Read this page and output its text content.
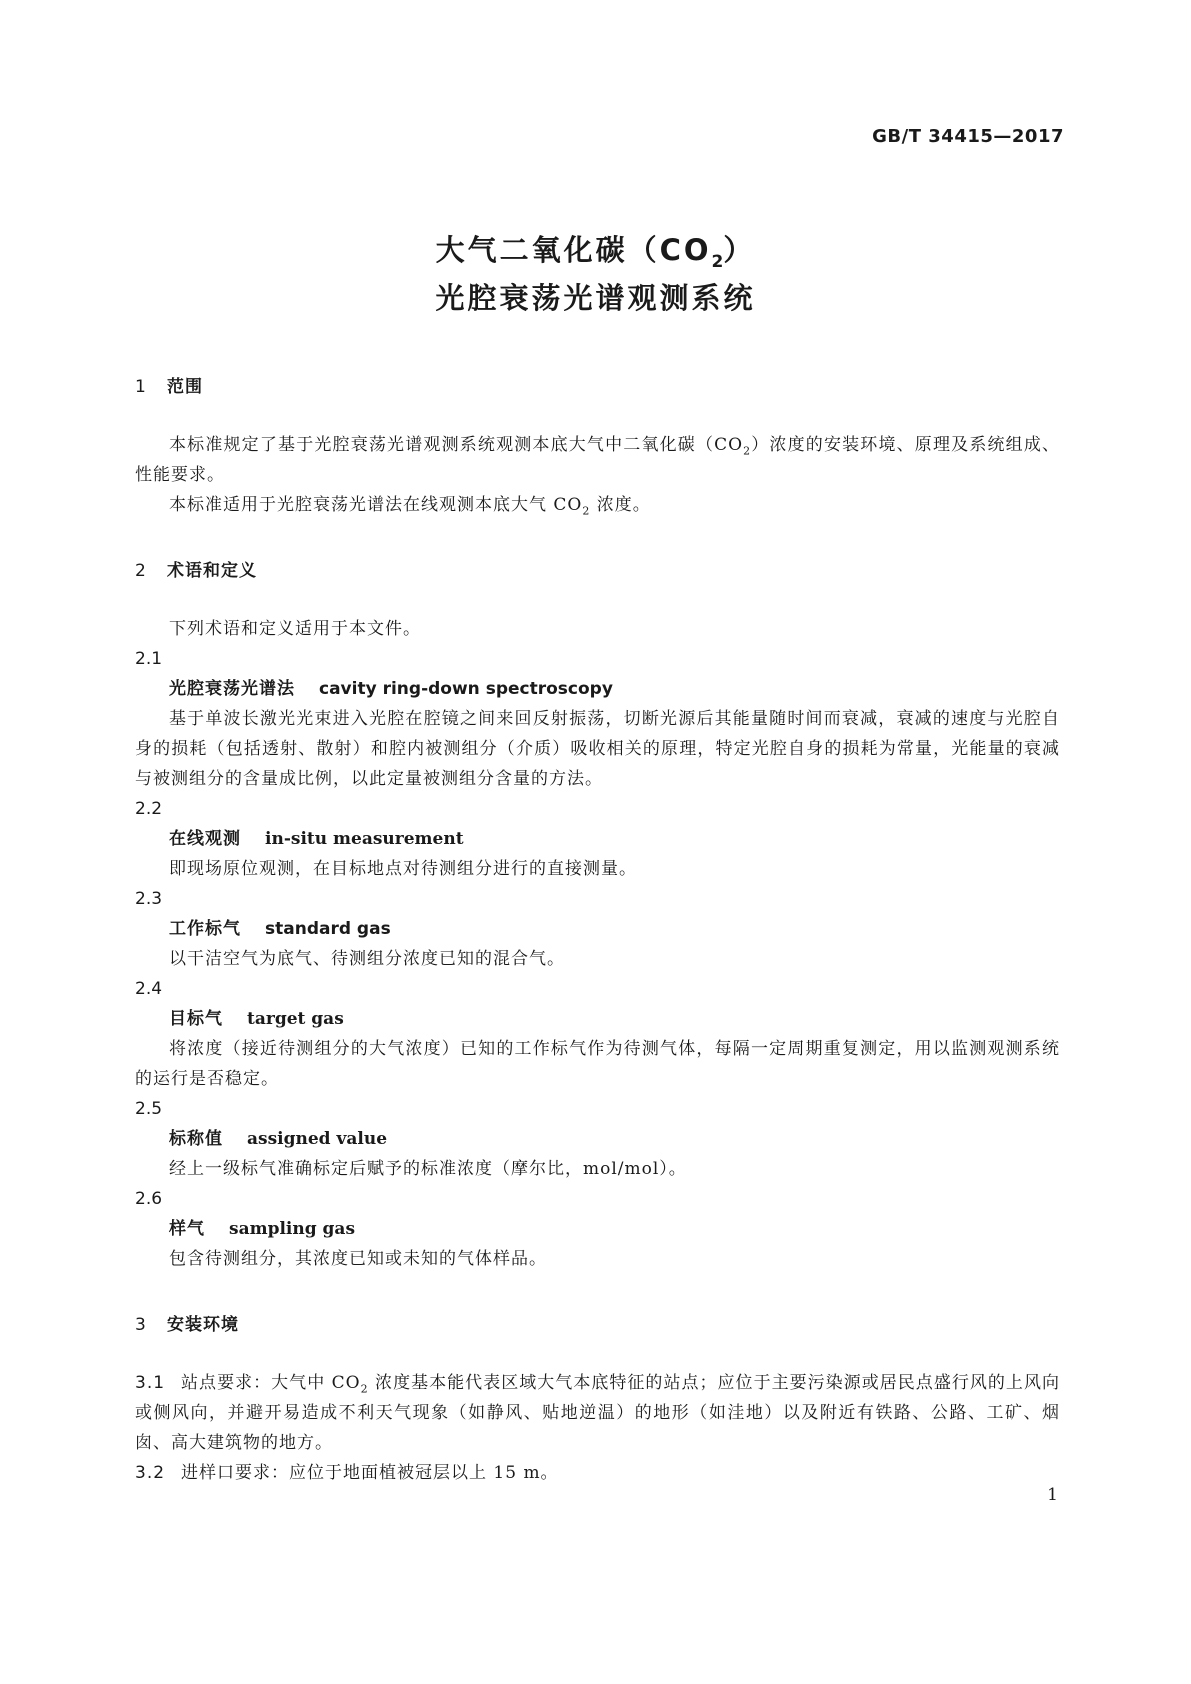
GB/T 34415—2017
大气二氧化碳$(CO_2)$
光腔衰荡光谱观测系统
1 范围
本标准规定了基于光腔衰荡光谱观测系统观测本底大气中二氧化碳$(CO_2)$浓度的安装环境、原理及系统组成、性能要求。
本标准适用于光腔衰荡光谱法在线观测本底大气 $CO_2$ 浓度。
2 术语和定义
下列术语和定义适用于本文件。
2.1
光腔衰荡光谱法 cavity ring-down spectroscopy
基于单波长激光光束进入光腔在腔镜之间来回反射振荡，切断光源后其能量随时间而衰减，衰减的速度与光腔自身的损耗（包括透射、散射）和腔内被测组分（介质）吸收相关的原理，特定光腔自身的损耗为常量，光能量的衰减与被测组分的含量成比例，以此定量被测组分含量的方法。
2.2
在线观测 in-situ measurement
即现场原位观测，在目标地点对待测组分进行的直接测量。
2.3
工作标气 standard gas
以干洁空气为底气、待测组分浓度已知的混合气。
2.4
目标气 target gas
将浓度（接近待测组分的大气浓度）已知的工作标气作为待测气体，每隔一定周期重复测定，用以监测观测系统的运行是否稳定。
2.5
标称值 assigned value
经上一级标气准确标定后赋予的标准浓度（摩尔比，mol/mol）。
2.6
样气 sampling gas
包含待测组分，其浓度已知或未知的气体样品。
3 安装环境
3.1 站点要求：大气中 $CO_2$ 浓度基本能代表区域大气本底特征的站点；应位于主要污染源或居民点盛行风的上风向或侧风向，并避开易造成不利天气现象（如静风、贴地逆温）的地形（如洼地）以及附近有铁路、公路、工矿、烟囱、高大建筑物的地方。
3.2 进样口要求：应位于地面植被冠层以上 15 m。
1
